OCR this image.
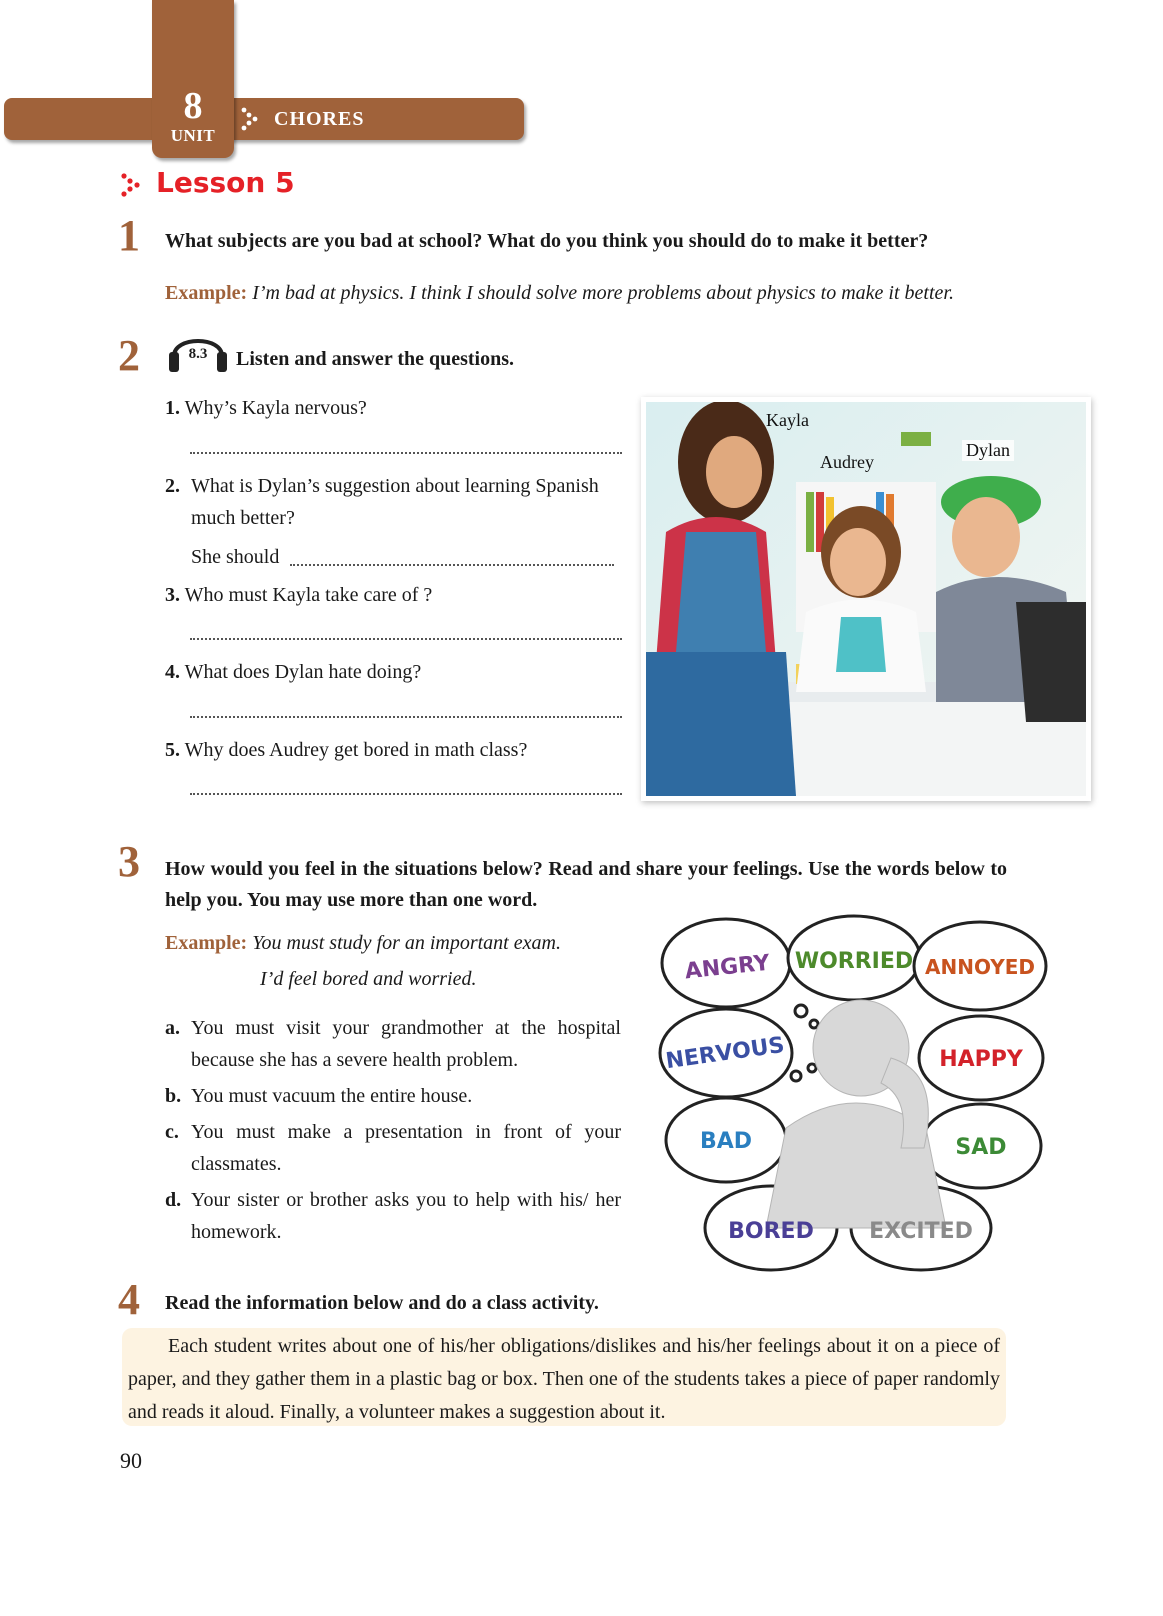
8
UNIT
CHORES
Lesson 5
1 What subjects are you bad at school? What do you think you should do to make it better?
Example: I’m bad at physics. I think I should solve more problems about physics to make it better.
2	8.3 Listen and answer the questions.
1. Why’s Kayla nervous?
2. What is Dylan’s suggestion about learning Spanish much better?
She should
3. Who must Kayla take care of ?
4. What does Dylan hate doing?
5. Why does Audrey get bored in math class?
Kayla
Audrey
Dylan
3 How would you feel in the situations below? Read and share your feelings. Use the words below to help you. You may use more than one word.
Example: You must study for an important exam.
I’d feel bored and worried.
a. You must visit your grandmother at the hospital because she has a severe health problem.
b. You must vacuum the entire house.
c. You must make a presentation in front of your classmates.
d. Your sister or brother asks you to help with his/ her homework.
ANGRY WORRIED ANNOYED
NERVOUS	HAPPY
BAD	SAD
BORED	EXCITED
4 Read the information below and do a class activity.
Each student writes about one of his/her obligations/dislikes and his/her feelings about it on a piece of paper, and they gather them in a plastic bag or box. Then one of the students takes a piece of paper randomly and reads it aloud. Finally, a volunteer makes a suggestion about it.
90
